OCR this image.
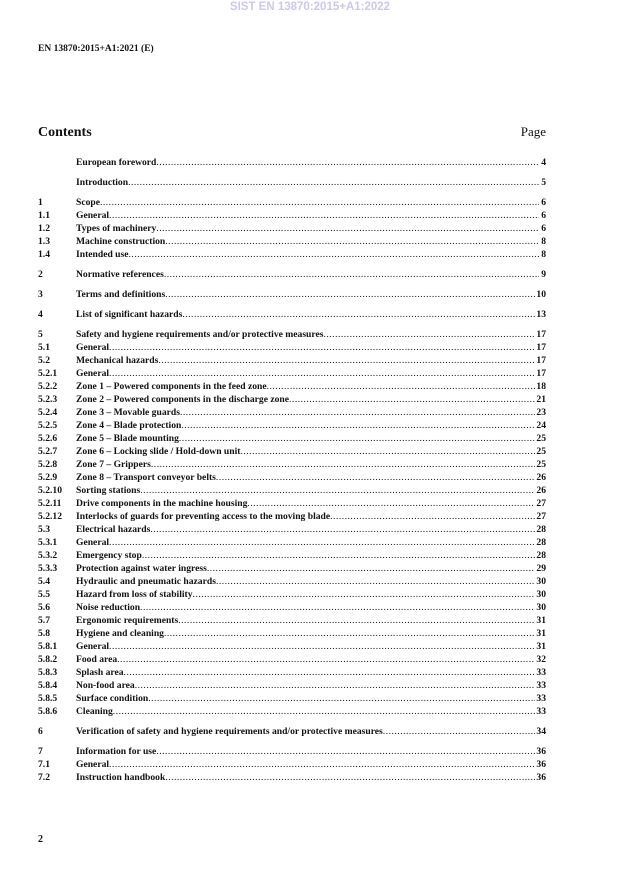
SIST EN 13870:2015+A1:2022
EN 13870:2015+A1:2021 (E)
Contents	Page
European foreword .....	4
Introduction .....	5
1	Scope .....	6
1.1	General .....	6
1.2	Types of machinery .....	6
1.3	Machine construction .....	8
1.4	Intended use .....	8
2	Normative references .....	9
3	Terms and definitions .....	10
4	List of significant hazards .....	13
5	Safety and hygiene requirements and/or protective measures .....	17
5.1	General .....	17
5.2	Mechanical hazards .....	17
5.2.1	General .....	17
5.2.2	Zone 1 – Powered components in the feed zone .....	18
5.2.3	Zone 2 – Powered components in the discharge zone .....	21
5.2.4	Zone 3 – Movable guards .....	23
5.2.5	Zone 4 – Blade protection .....	24
5.2.6	Zone 5 – Blade mounting .....	25
5.2.7	Zone 6 – Locking slide / Hold-down unit .....	25
5.2.8	Zone 7 – Grippers .....	25
5.2.9	Zone 8 – Transport conveyor belts .....	26
5.2.10	Sorting stations .....	26
5.2.11	Drive components in the machine housing .....	27
5.2.12	Interlocks of guards for preventing access to the moving blade .....	27
5.3	Electrical hazards .....	28
5.3.1	General .....	28
5.3.2	Emergency stop .....	28
5.3.3	Protection against water ingress .....	29
5.4	Hydraulic and pneumatic hazards .....	30
5.5	Hazard from loss of stability .....	30
5.6	Noise reduction .....	30
5.7	Ergonomic requirements .....	31
5.8	Hygiene and cleaning .....	31
5.8.1	General .....	31
5.8.2	Food area .....	32
5.8.3	Splash area .....	33
5.8.4	Non-food area .....	33
5.8.5	Surface condition .....	33
5.8.6	Cleaning .....	33
6	Verification of safety and hygiene requirements and/or protective measures .....	34
7	Information for use .....	36
7.1	General .....	36
7.2	Instruction handbook .....	36
2
